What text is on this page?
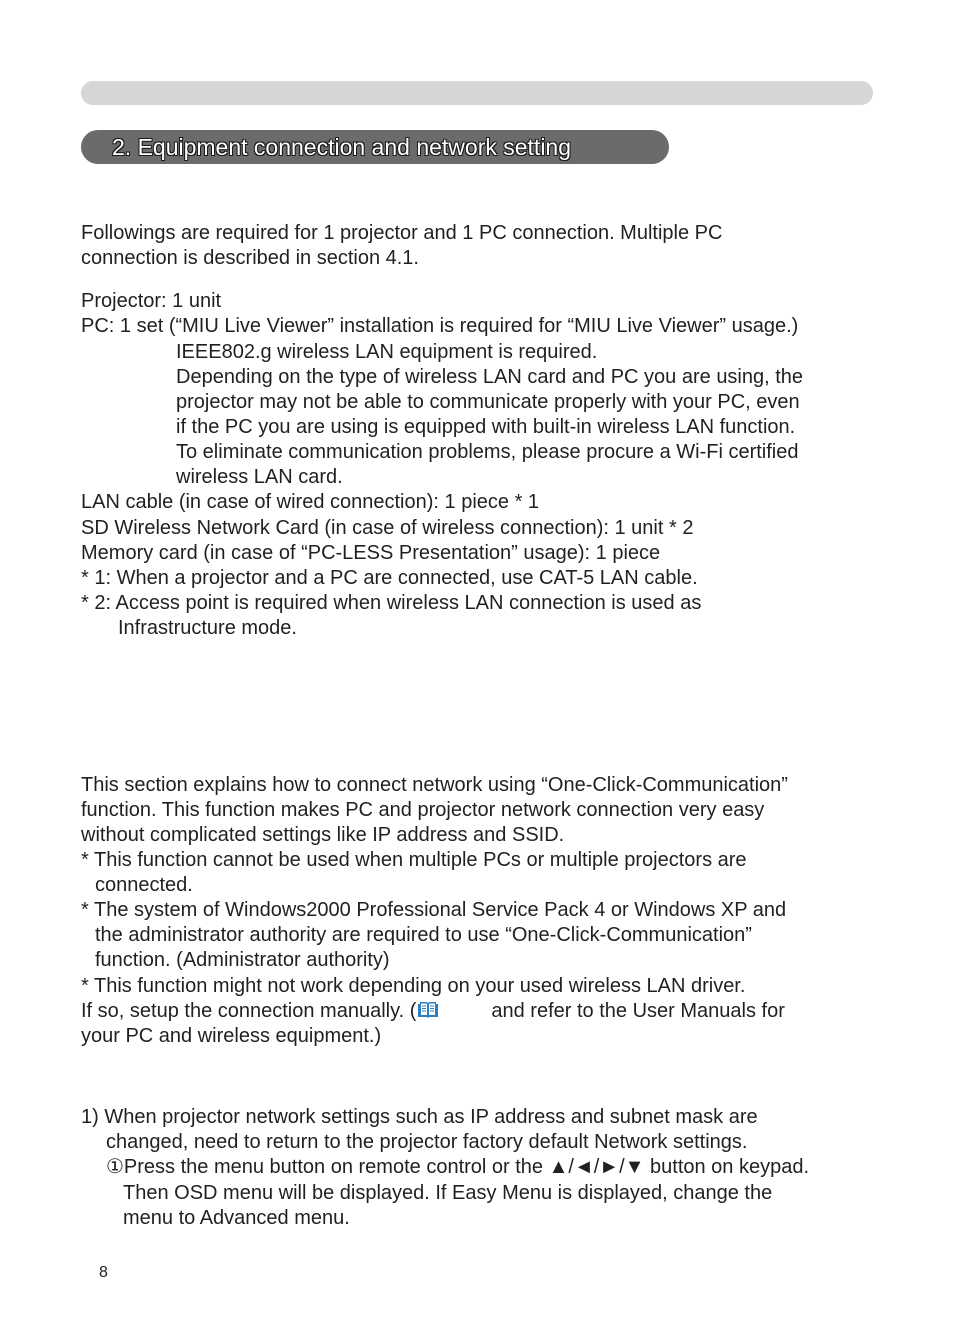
2. Equipment connection and network setting

Followings are required for 1 projector and 1 PC connection. Multiple PC

connection is described in section 4.1.

Projector: 1 unit

PC: 1 set (“MIU Live Viewer” installation is required for “MIU Live Viewer” usage.)

IEEE802.g wireless LAN equipment is required.

Depending on the type of wireless LAN card and PC you are using, the

projector may not be able to communicate properly with your PC, even

if the PC you are using is equipped with built-in wireless LAN function.

To eliminate communication problems, please procure a Wi-Fi certified

wireless LAN card.

LAN cable (in case of wired connection): 1 piece * 1

SD Wireless Network Card (in case of wireless connection): 1 unit * 2

Memory card (in case of “PC-LESS Presentation” usage): 1 piece

* 1: When a projector and a PC are connected, use CAT-5 LAN cable.

* 2: Access point is required when wireless LAN connection is used as

Infrastructure mode.

This section explains how to connect network using “One-Click-Communication”

function. This function makes PC and projector network connection very easy

without complicated settings like IP address and SSID.

* This function cannot be used when multiple PCs or multiple projectors are

connected.

* The system of Windows2000 Professional Service Pack 4 or Windows XP and

the administrator authority are required to use “One-Click-Communication”

function. (Administrator authority)

* This function might not work depending on your used wireless LAN driver.

If so, setup the connection manually. (	and refer to the User Manuals for

your PC and wireless equipment.)

1) When projector network settings such as IP address and subnet mask are

changed, need to return to the projector factory default Network settings.

①Press the menu button on remote control or the ▲/◄/►/▼ button on keypad.

Then OSD menu will be displayed. If Easy Menu is displayed, change the

menu to Advanced menu.

8
